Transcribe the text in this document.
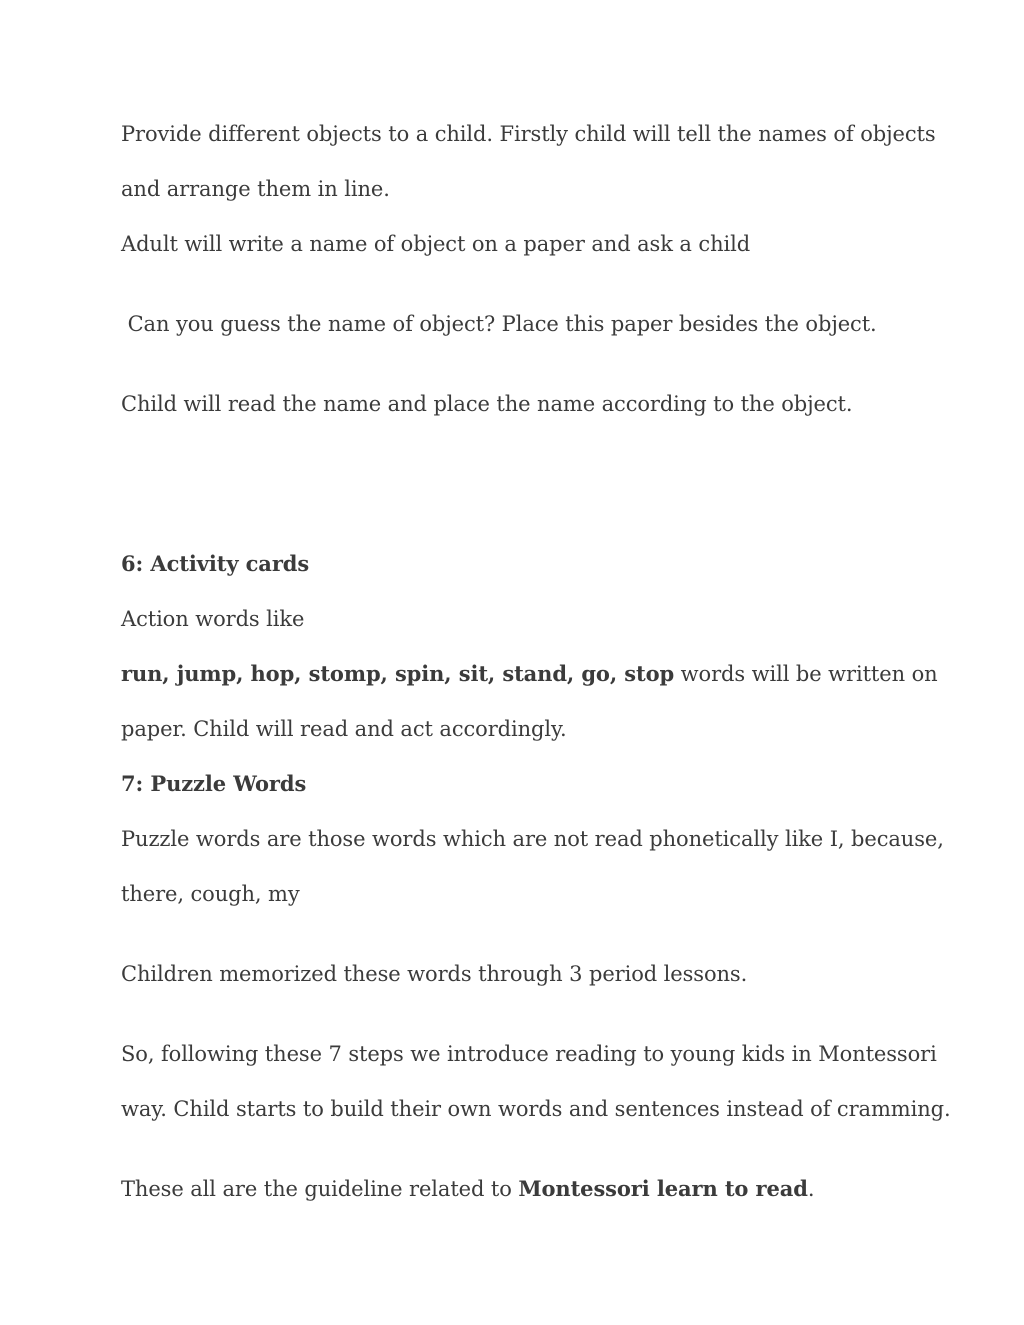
Provide different objects to a child. Firstly child will tell the names of objects
and arrange them in line.
Adult will write a name of object on a paper and ask a child
Can you guess the name of object? Place this paper besides the object.
Child will read the name and place the name according to the object.
6: Activity cards
Action words like
run, jump, hop, stomp, spin, sit, stand, go, stop words will be written on
paper. Child will read and act accordingly.
7: Puzzle Words
Puzzle words are those words which are not read phonetically like I, because,
there, cough, my
Children memorized these words through 3 period lessons.
So, following these 7 steps we introduce reading to young kids in Montessori
way. Child starts to build their own words and sentences instead of cramming.
These all are the guideline related to Montessori learn to read.
